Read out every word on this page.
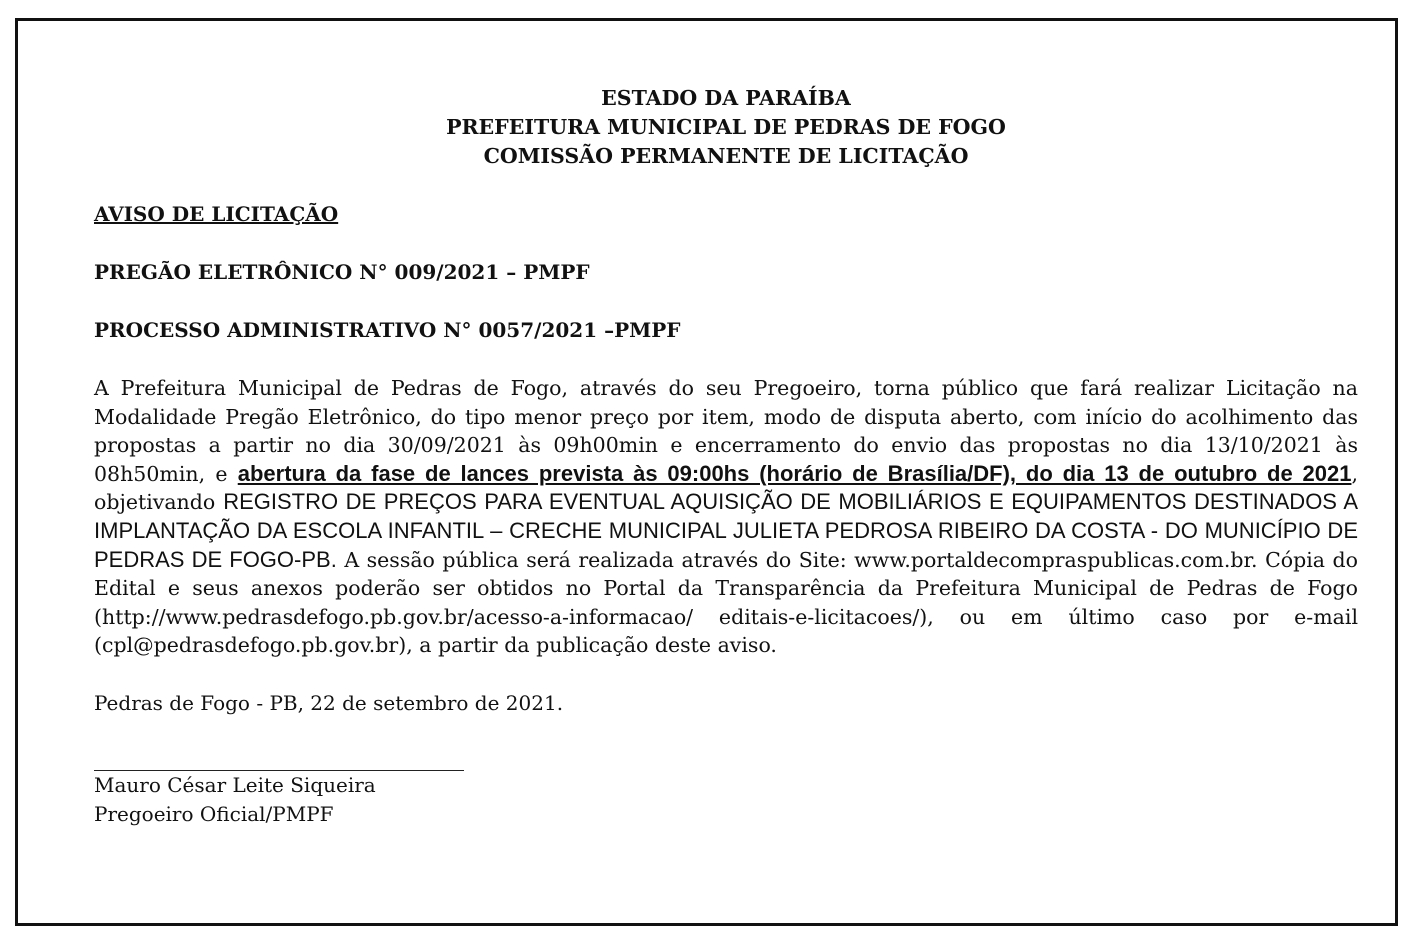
ESTADO DA PARAÍBA
PREFEITURA MUNICIPAL DE PEDRAS DE FOGO
COMISSÃO PERMANENTE DE LICITAÇÃO
AVISO DE LICITAÇÃO
PREGÃO ELETRÔNICO N° 009/2021 – PMPF
PROCESSO ADMINISTRATIVO N° 0057/2021 –PMPF
A Prefeitura Municipal de Pedras de Fogo, através do seu Pregoeiro, torna público que fará realizar Licitação na Modalidade Pregão Eletrônico, do tipo menor preço por item, modo de disputa aberto, com início do acolhimento das propostas a partir no dia 30/09/2021 às 09h00min e encerramento do envio das propostas no dia 13/10/2021 às 08h50min, e abertura da fase de lances prevista às 09:00hs (horário de Brasília/DF), do dia 13 de outubro de 2021, objetivando REGISTRO DE PREÇOS PARA EVENTUAL AQUISIÇÃO DE MOBILIÁRIOS E EQUIPAMENTOS DESTINADOS A IMPLANTAÇÃO DA ESCOLA INFANTIL – CRECHE MUNICIPAL JULIETA PEDROSA RIBEIRO DA COSTA - DO MUNICÍPIO DE PEDRAS DE FOGO-PB. A sessão pública será realizada através do Site: www.portaldecompraspublicas.com.br. Cópia do Edital e seus anexos poderão ser obtidos no Portal da Transparência da Prefeitura Municipal de Pedras de Fogo (http://www.pedrasdefogo.pb.gov.br/acesso-a-informacao/ editais-e-licitacoes/), ou em último caso por e-mail (cpl@pedrasdefogo.pb.gov.br), a partir da publicação deste aviso.
Pedras de Fogo - PB, 22 de setembro de 2021.
Mauro César Leite Siqueira
Pregoeiro Oficial/PMPF
